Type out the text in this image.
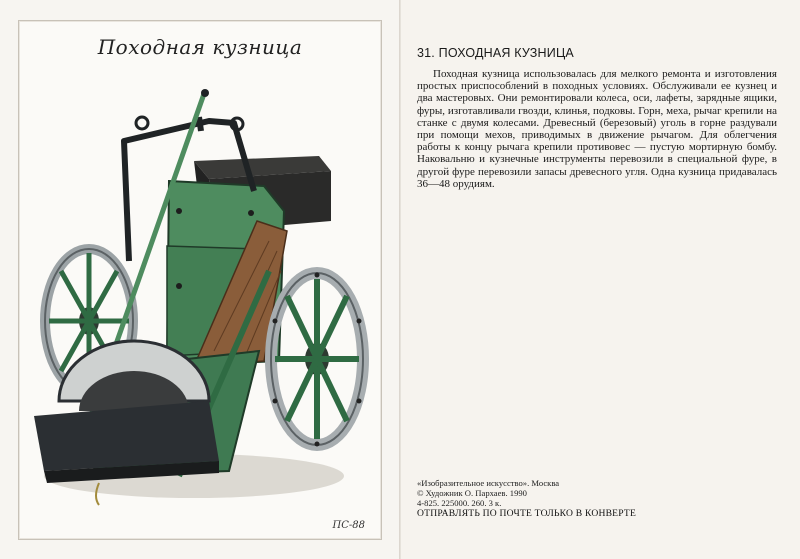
Походная кузница
ПС-88
31. ПОХОДНАЯ КУЗНИЦА
Походная кузница использовалась для мелкого ремонта и изготовления простых приспособлений в походных условиях. Обслуживали ее кузнец и два мастеровых. Они ремонтировали колеса, оси, лафеты, зарядные ящики, фуры, изготавливали гвозди, клинья, подковы. Горн, меха, рычаг крепили на станке с двумя колесами. Древесный (березовый) уголь в горне раздували при помощи мехов, приводимых в движение рычагом. Для облегчения работы к концу рычага крепили противовес — пустую мортирную бомбу. Наковальню и кузнечные инструменты перевозили в специальной фуре, в другой фуре перевозили запасы древесного угля. Одна кузница придавалась 36—48 орудиям.
«Изобразительное искусство». Москва
© Художник О. Пархаев. 1990
4-825. 225000. 260. 3 к.
ОТПРАВЛЯТЬ ПО ПОЧТЕ ТОЛЬКО В КОНВЕРТЕ
